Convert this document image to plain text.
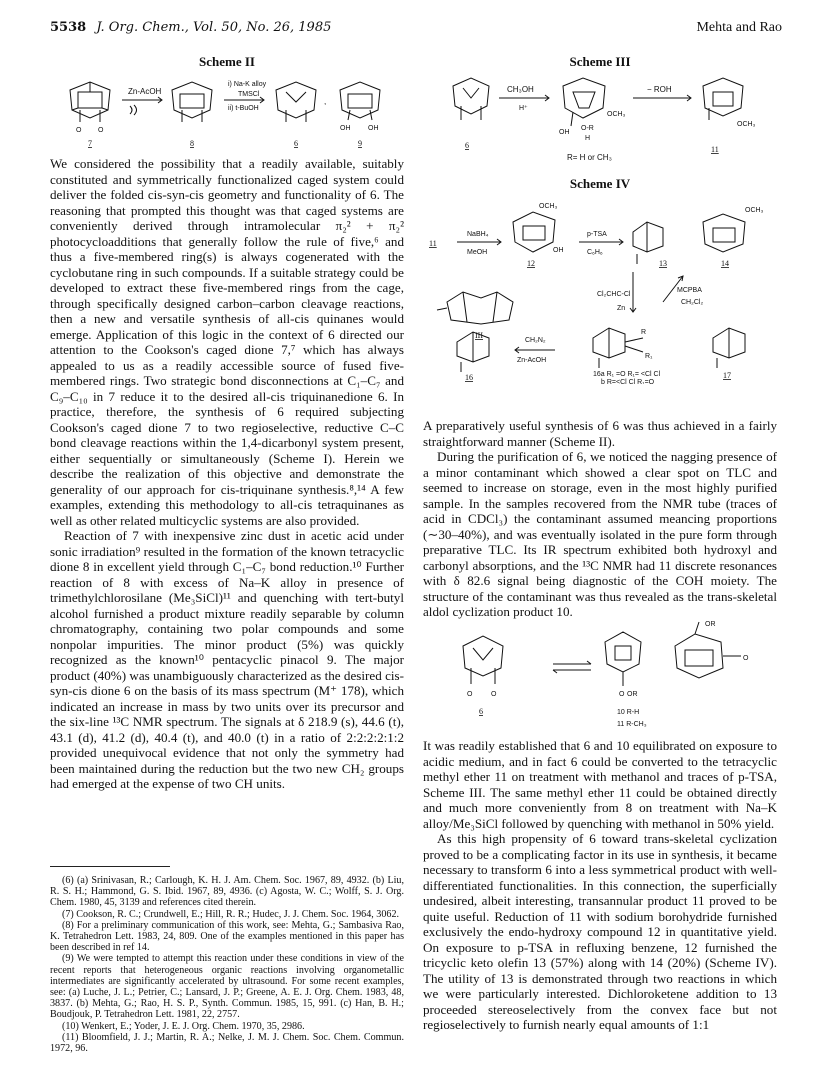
5538 J. Org. Chem., Vol. 50, No. 26, 1985	Mehta and Rao
Scheme II
O O
Zn-AcOH
i) Na-K alloy
TMSCl
ii) t-BuOH
,
OH	OH
7	8	6	9

We considered the possibility that a readily available, suitably constituted and symmetrically functionalized caged system could deliver the folded cis-syn-cis geometry and functionality of 6. The reasoning that prompted this thought was that caged systems are conveniently derived through intramolecular π₂² + π₂² photocycloadditions that generally follow the rule of five,⁶ and thus a five-membered ring(s) is always cogenerated with the cyclobutane ring in such compounds. If a suitable strategy could be developed to extract these five-membered rings from the cage, through specifically designed carbon–carbon cleavage reactions, then a new and versatile synthesis of all-cis quinanes would emerge. Application of this logic in the context of 6 directed our attention to the Cookson's caged dione 7,⁷ which has always appealed to us as a readily accessible source of fused five-membered rings. Two strategic bond disconnections at C₁–C₇ and C₉–C₁₀ in 7 reduce it to the desired all-cis triquinanedione 6. In practice, therefore, the synthesis of 6 required subjecting Cookson's caged dione 7 to two regioselective, reductive C–C bond cleavage reactions within the 1,4-dicarbonyl system present, either sequentially or simultaneously (Scheme I). Herein we describe the realization of this objective and demonstrate the generality of our approach for cis-triquinane synthesis.⁸,¹⁴ A few examples, extending this methodology to all-cis tetraquinanes as well as other related multicyclic systems are also provided.

Reaction of 7 with inexpensive zinc dust in acetic acid under sonic irradiation⁹ resulted in the formation of the known tetracyclic dione 8 in excellent yield through C₁–C₇ bond reduction.¹⁰ Further reaction of 8 with excess of Na–K alloy in presence of trimethylchlorosilane (Me₃SiCl)¹¹ and quenching with tert-butyl alcohol furnished a product mixture readily separable by column chromatography, containing two polar compounds and some nonpolar impurities. The minor product (5%) was quickly recognized as the known¹⁰ pentacyclic pinacol 9. The major product (40%) was unambiguously characterized as the desired cis-syn-cis dione 6 on the basis of its mass spectrum (M⁺ 178), which indicated an increase in mass by two units over its precursor and the six-line ¹³C NMR spectrum. The signals at δ 218.9 (s), 44.6 (t), 43.1 (d), 41.2 (d), 40.4 (t), and 40.0 (t) in a ratio of 2:2:2:2:1:2 provided unequivocal evidence that not only the symmetry had been maintained during the reduction but the two new CH₂ groups had emerged at the expense of two CH units.

(6) (a) Srinivasan, R.; Carlough, K. H. J. Am. Chem. Soc. 1967, 89, 4932. (b) Liu, R. S. H.; Hammond, G. S. Ibid. 1967, 89, 4936. (c) Agosta, W. C.; Wolff, S. J. Org. Chem. 1980, 45, 3139 and references cited therein.

(7) Cookson, R. C.; Crundwell, E.; Hill, R. R.; Hudec, J. J. Chem. Soc. 1964, 3062.

(8) For a preliminary communication of this work, see: Mehta, G.; Sambasiva Rao, K. Tetrahedron Lett. 1983, 24, 809. One of the examples mentioned in this paper has been described in ref 14.

(9) We were tempted to attempt this reaction under these conditions in view of the recent reports that heterogeneous organic reactions involving organometallic intermediates are significantly accelerated by ultrasound. For some recent examples, see: (a) Luche, J. L.; Petrier, C.; Lansard, J. P.; Greene, A. E. J. Org. Chem. 1983, 48, 3837. (b) Mehta, G.; Rao, H. S. P., Synth. Commun. 1985, 15, 991. (c) Han, B. H.; Boudjouk, P. Tetrahedron Lett. 1981, 22, 2757.

(10) Wenkert, E.; Yoder, J. E. J. Org. Chem. 1970, 35, 2986.

(11) Bloomfield, J. J.; Martin, R. A.; Nelke, J. M. J. Chem. Soc. Chem. Commun. 1972, 96.

Scheme III
6
CH₃OH
H⁺
− ROH
OCH₃
OH
O-R
H
OCH₃
11
R= H or CH₃
Scheme IV
11
NaBH₄
MeOH
OCH₃
OH
p-TSA
C₆H₆
12	13
OCH₃
14
III
Cl₂CHC-Cl
Zn
MCPBA
CH₂Cl₂
CH₂N₂
Zn-AcOH
R
R₁
16	16a R₁ =O R₁= <Cl Cl
b R=<Cl Cl R₁=O
17

A preparatively useful synthesis of 6 was thus achieved in a fairly straightforward manner (Scheme II).

During the purification of 6, we noticed the nagging presence of a minor contaminant which showed a clear spot on TLC and seemed to increase on storage, even in the most highly purified sample. In the samples recovered from the NMR tube (traces of acid in CDCl₃) the contaminant assumed meancing proportions (∼30–40%), and was eventually isolated in the pure form through preparative TLC. Its IR spectrum exhibited both hydroxyl and carbonyl absorptions, and the ¹³C NMR had 11 discrete resonances with δ 82.6 signal being diagnostic of the COH moiety. The structure of the contaminant was thus revealed as the trans-skeletal aldol cyclization product 10.

O	O
6
O OR
OR
O
10 R-H
11 R-CH₃

It was readily established that 6 and 10 equilibrated on exposure to acidic medium, and in fact 6 could be converted to the tetracyclic methyl ether 11 on treatment with methanol and traces of p-TSA, Scheme III. The same methyl ether 11 could be obtained directly and much more conveniently from 8 on treatment with Na–K alloy/Me₃SiCl followed by quenching with methanol in 50% yield.

As this high propensity of 6 toward trans-skeletal cyclization proved to be a complicating factor in its use in synthesis, it became necessary to transform 6 into a less symmetrical product with well-differentiated functionalities. In this connection, the superficially undesired, albeit interesting, transannular product 11 proved to be quite useful. Reduction of 11 with sodium borohydride furnished exclusively the endo-hydroxy compound 12 in quantitative yield. On exposure to p-TSA in refluxing benzene, 12 furnished the tricyclic keto olefin 13 (57%) along with 14 (20%) (Scheme IV). The utility of 13 is demonstrated through two reactions in which we were particularly interested. Dichloroketene addition to 13 proceeded stereoselectively from the convex face but not regioselectively to furnish nearly equal amounts of 1:1
